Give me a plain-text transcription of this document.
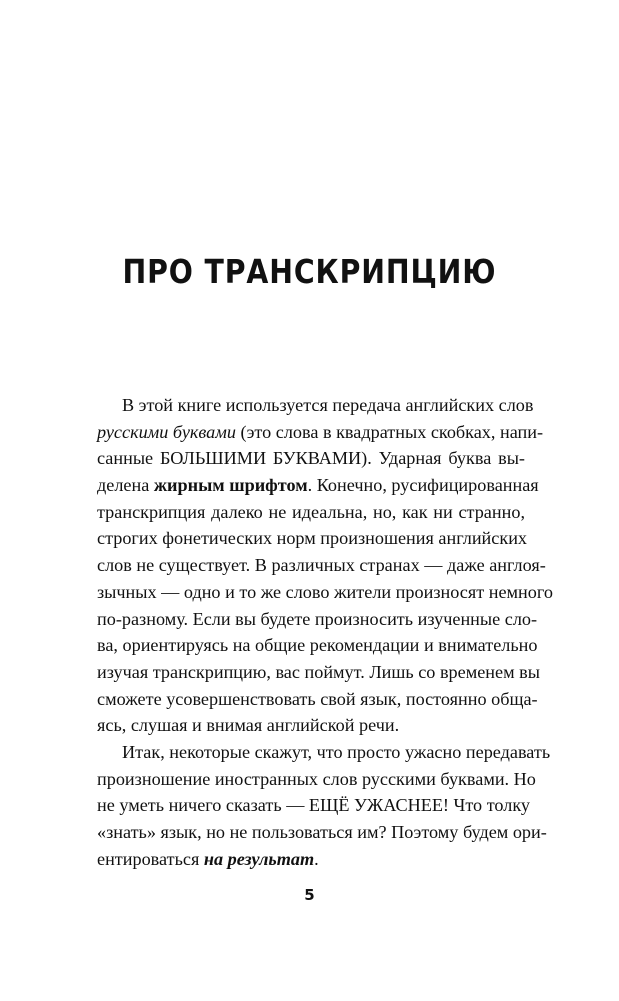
ПРО ТРАНСКРИПЦИЮ

В этой книге используется передача английских слов
русскими буквами (это слова в квадратных скобках, напи-
санные БОЛЬШИМИ БУКВАМИ). Ударная буква вы-
делена жирным шрифтом. Конечно, русифицированная
транскрипция далеко не идеальна, но, как ни странно,
строгих фонетических норм произношения английских
слов не существует. В различных странах — даже англоя-
зычных — одно и то же слово жители произносят немного
по-разному. Если вы будете произносить изученные сло-
ва, ориентируясь на общие рекомендации и внимательно
изучая транскрипцию, вас поймут. Лишь со временем вы
сможете усовершенствовать свой язык, постоянно обща-
ясь, слушая и внимая английской речи.

Итак, некоторые скажут, что просто ужасно передавать
произношение иностранных слов русскими буквами. Но
не уметь ничего сказать — ЕЩЁ УЖАСНЕЕ! Что толку
«знать» язык, но не пользоваться им? Поэтому будем ори-
ентироваться на результат.

5
